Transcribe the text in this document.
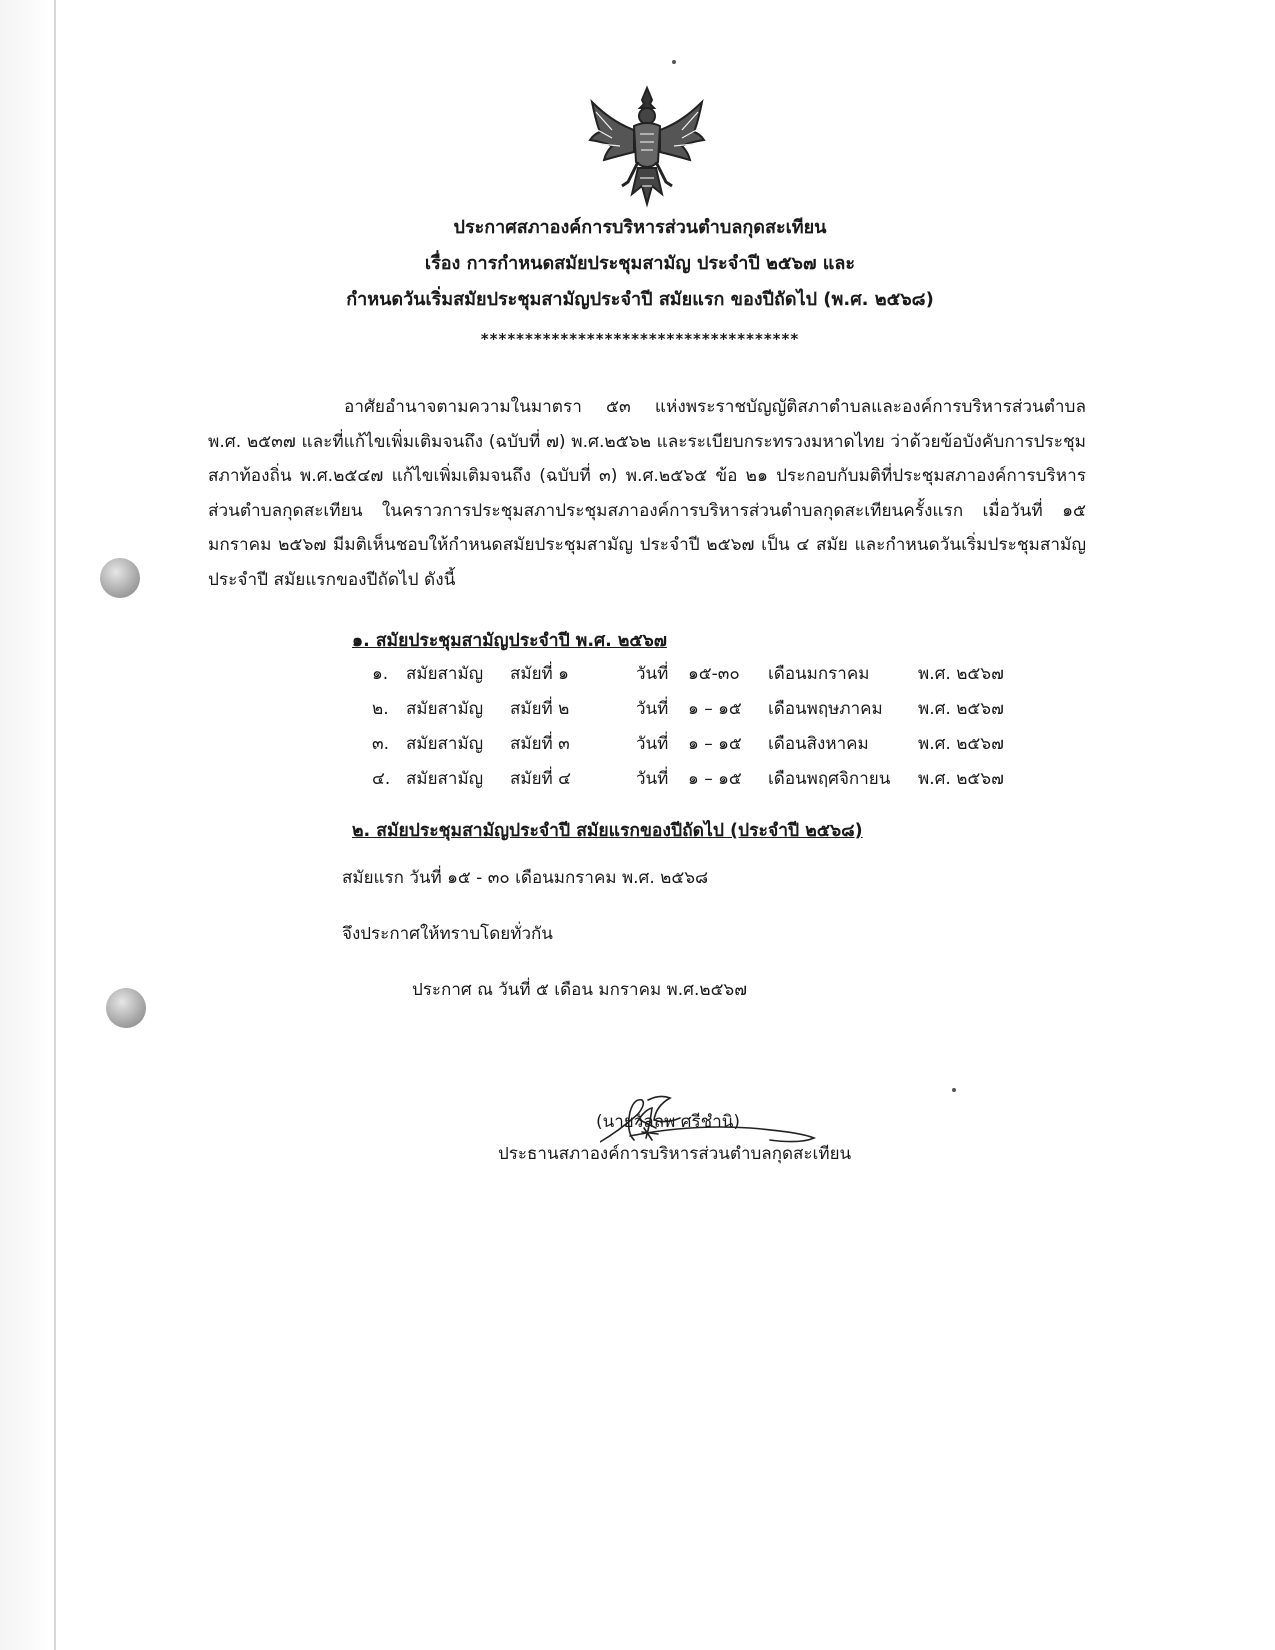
ประกาศสภาองค์การบริหารส่วนตำบลกุดสะเทียน
เรื่อง การกำหนดสมัยประชุมสามัญ ประจำปี ๒๕๖๗ และ
กำหนดวันเริ่มสมัยประชุมสามัญประจำปี สมัยแรก ของปีถัดไป (พ.ศ. ๒๕๖๘)
************************************
อาศัยอำนาจตามความในมาตรา ๕๓ แห่งพระราชบัญญัติสภาตำบลและองค์การบริหารส่วนตำบล พ.ศ. ๒๕๓๗ และที่แก้ไขเพิ่มเติมจนถึง (ฉบับที่ ๗) พ.ศ.๒๕๖๒ และระเบียบกระทรวงมหาดไทย ว่าด้วยข้อบังคับการประชุมสภาท้องถิ่น พ.ศ.๒๕๔๗ แก้ไขเพิ่มเติมจนถึง (ฉบับที่ ๓) พ.ศ.๒๕๖๕ ข้อ ๒๑ ประกอบกับมติที่ประชุมสภาองค์การบริหารส่วนตำบลกุดสะเทียน ในคราวการประชุมสภาประชุมสภาองค์การบริหารส่วนตำบลกุดสะเทียนครั้งแรก เมื่อวันที่ ๑๕ มกราคม ๒๕๖๗ มีมติเห็นชอบให้กำหนดสมัยประชุมสามัญ ประจำปี ๒๕๖๗ เป็น ๔ สมัย และกำหนดวันเริ่มประชุมสามัญประจำปี สมัยแรกของปีถัดไป ดังนี้
๑. สมัยประชุมสามัญประจำปี พ.ศ. ๒๕๖๗
๑. สมัยสามัญ สมัยที่ ๑	วันที่ ๑๕-๓๐ เดือนมกราคม	พ.ศ. ๒๕๖๗
๒. สมัยสามัญ สมัยที่ ๒	วันที่ ๑ – ๑๕ เดือนพฤษภาคม พ.ศ. ๒๕๖๗
๓. สมัยสามัญ สมัยที่ ๓	วันที่ ๑ – ๑๕ เดือนสิงหาคม	พ.ศ. ๒๕๖๗
๔. สมัยสามัญ สมัยที่ ๔	วันที่ ๑ – ๑๕ เดือนพฤศจิกายน พ.ศ. ๒๕๖๗
๒. สมัยประชุมสามัญประจำปี สมัยแรกของปีถัดไป (ประจำปี ๒๕๖๘)
สมัยแรก วันที่ ๑๕ - ๓๐ เดือนมกราคม พ.ศ. ๒๕๖๘
จึงประกาศให้ทราบโดยทั่วกัน
ประกาศ ณ วันที่ ๕ เดือน มกราคม พ.ศ.๒๕๖๗
(นายวัลลพ ศรีชำนิ)
ประธานสภาองค์การบริหารส่วนตำบลกุดสะเทียน
